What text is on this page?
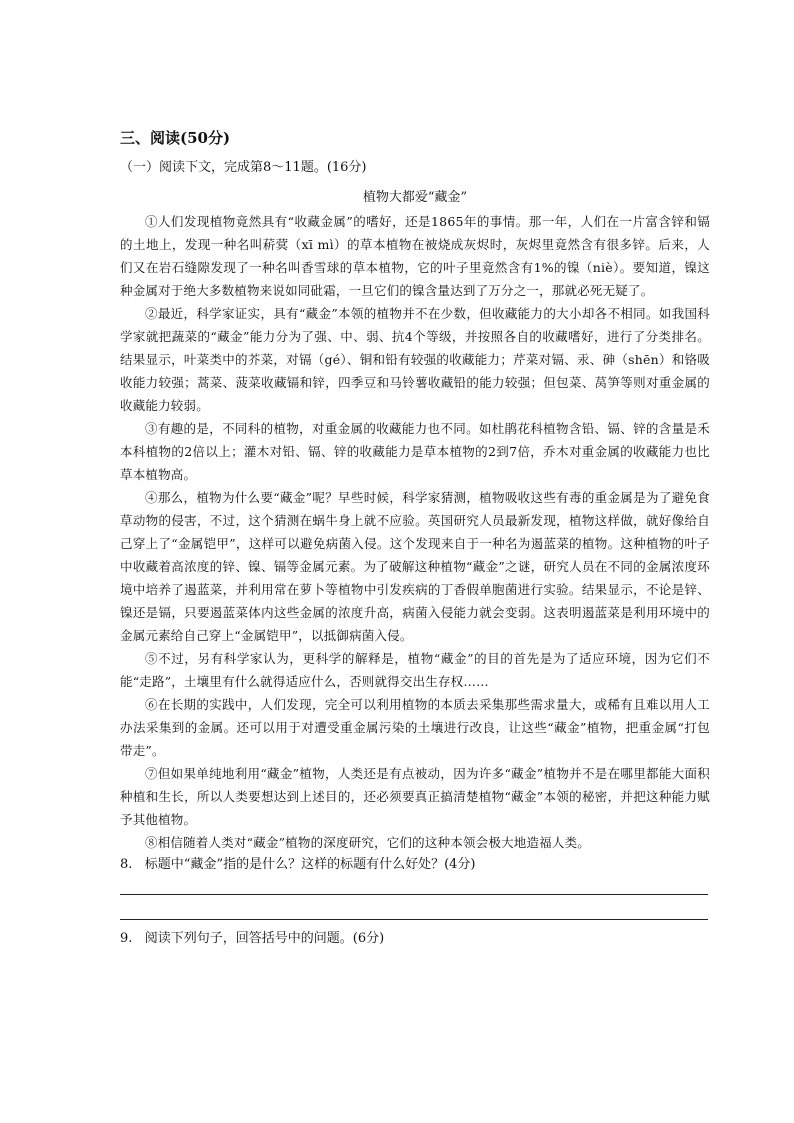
三、阅读(50分)
（一）阅读下文，完成第8～11题。(16分)
植物大都爱“藏金”

①人们发现植物竟然具有“收藏金属”的嗜好，还是1865年的事情。那一年，人们在一片富含锌和镉的土地上，发现一种名叫菥蓂（xī mì）的草本植物在被烧成灰烬时，灰烬里竟然含有很多锌。后来，人们又在岩石缝隙发现了一种名叫香雪球的草本植物，它的叶子里竟然含有1%的镍（niè）。要知道，镍这种金属对于绝大多数植物来说如同砒霜，一旦它们的镍含量达到了万分之一，那就必死无疑了。

②最近，科学家证实，具有“藏金”本领的植物并不在少数，但收藏能力的大小却各不相同。如我国科学家就把蔬菜的“藏金”能力分为了强、中、弱、抗4个等级，并按照各自的收藏嗜好，进行了分类排名。结果显示，叶菜类中的芥菜，对镉（gé）、铜和铅有较强的收藏能力；芹菜对镉、汞、砷（shēn）和铬吸收能力较强；蒿菜、菠菜收藏镉和锌，四季豆和马铃薯收藏铅的能力较强；但包菜、莴笋等则对重金属的收藏能力较弱。

③有趣的是，不同科的植物，对重金属的收藏能力也不同。如杜鹃花科植物含铅、镉、锌的含量是禾本科植物的2倍以上；灌木对铅、镉、锌的收藏能力是草本植物的2到7倍，乔木对重金属的收藏能力也比草本植物高。

④那么，植物为什么要“藏金”呢？早些时候，科学家猜测，植物吸收这些有毒的重金属是为了避免食草动物的侵害，不过，这个猜测在蜗牛身上就不应验。英国研究人员最新发现，植物这样做，就好像给自己穿上了“金属铠甲”，这样可以避免病菌入侵。这个发现来自于一种名为遏蓝菜的植物。这种植物的叶子中收藏着高浓度的锌、镍、镉等金属元素。为了破解这种植物“藏金”之谜，研究人员在不同的金属浓度环境中培养了遏蓝菜，并利用常在萝卜等植物中引发疾病的丁香假单胞菌进行实验。结果显示，不论是锌、镍还是镉，只要遏蓝菜体内这些金属的浓度升高，病菌入侵能力就会变弱。这表明遏蓝菜是利用环境中的金属元素给自己穿上“金属铠甲”，以抵御病菌入侵。

⑤不过，另有科学家认为，更科学的解释是，植物“藏金”的目的首先是为了适应环境，因为它们不能“走路”，土壤里有什么就得适应什么，否则就得交出生存权……

⑥在长期的实践中，人们发现，完全可以利用植物的本质去采集那些需求量大，或稀有且难以用人工办法采集到的金属。还可以用于对遭受重金属污染的土壤进行改良，让这些“藏金”植物，把重金属“打包带走”。

⑦但如果单纯地利用“藏金”植物，人类还是有点被动，因为许多“藏金”植物并不是在哪里都能大面积种植和生长，所以人类要想达到上述目的，还必须要真正搞清楚植物“藏金”本领的秘密，并把这种能力赋予其他植物。

⑧相信随着人类对“藏金”植物的深度研究，它们的这种本领会极大地造福人类。

8.   标题中“藏金”指的是什么？这样的标题有什么好处？(4分)
9.   阅读下列句子，回答括号中的问题。(6分)
